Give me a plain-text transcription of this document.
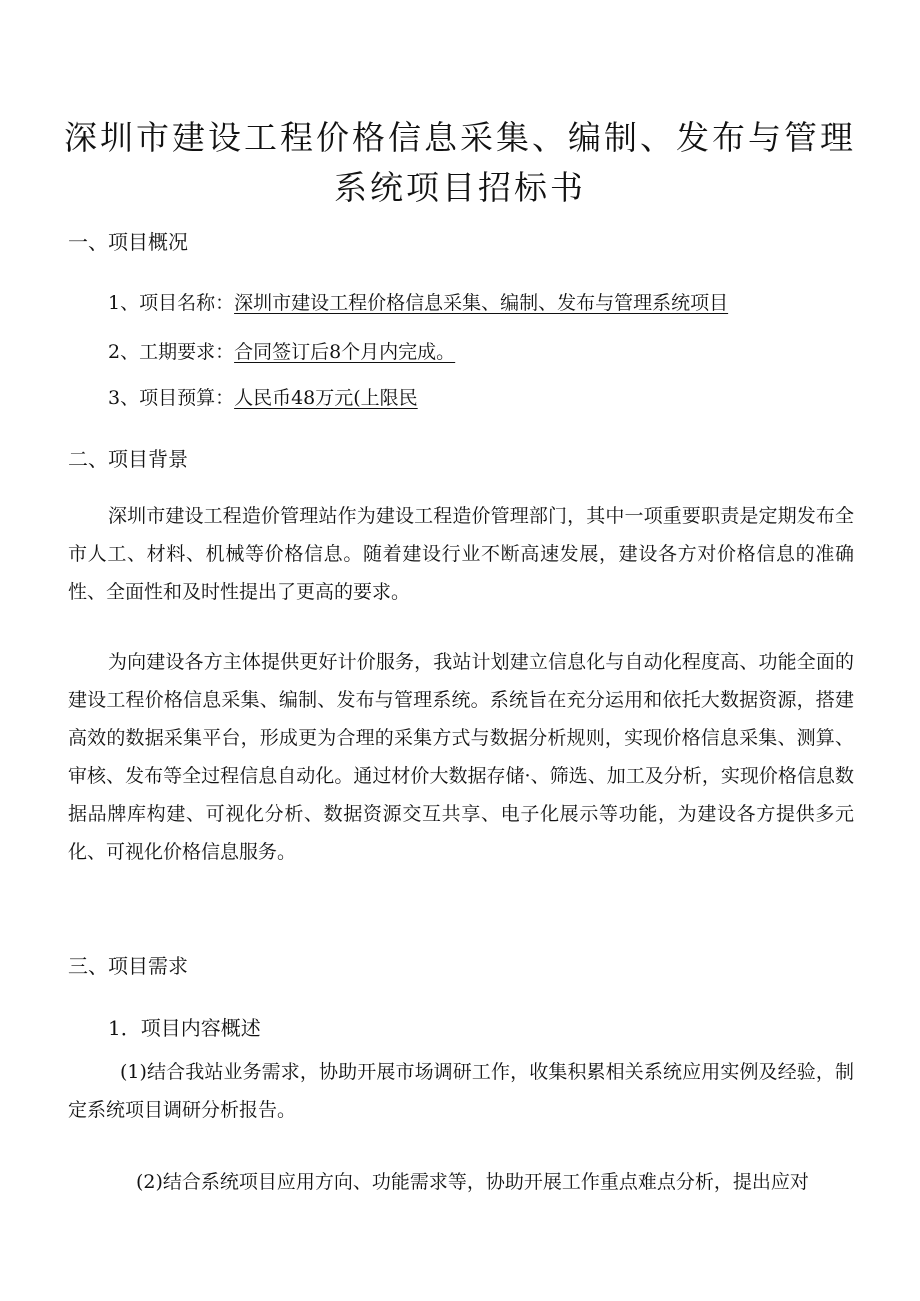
深圳市建设工程价格信息采集、编制、发布与管理
系统项目招标书
一、项目概况
1、项目名称：深圳市建设工程价格信息采集、编制、发布与管理系统项目
2、工期要求：合同签订后8个月内完成。
3、项目预算：人民币48万元(上限民
二、项目背景

深圳市建设工程造价管理站作为建设工程造价管理部门，其中一项重要职责是定期发布全市人工、材料、机械等价格信息。随着建设行业不断高速发展，建设各方对价格信息的准确性、全面性和及时性提出了更高的要求。

为向建设各方主体提供更好计价服务，我站计划建立信息化与自动化程度高、功能全面的建设工程价格信息采集、编制、发布与管理系统。系统旨在充分运用和依托大数据资源，搭建高效的数据采集平台，形成更为合理的采集方式与数据分析规则，实现价格信息采集、测算、审核、发布等全过程信息自动化。通过材价大数据存储·、筛选、加工及分析，实现价格信息数据品牌库构建、可视化分析、数据资源交互共享、电子化展示等功能，为建设各方提供多元化、可视化价格信息服务。

三、项目需求
1．项目内容概述

(1)结合我站业务需求，协助开展市场调研工作，收集积累相关系统应用实例及经验，制定系统项目调研分析报告。

(2)结合系统项目应用方向、功能需求等，协助开展工作重点难点分析，提出应对
